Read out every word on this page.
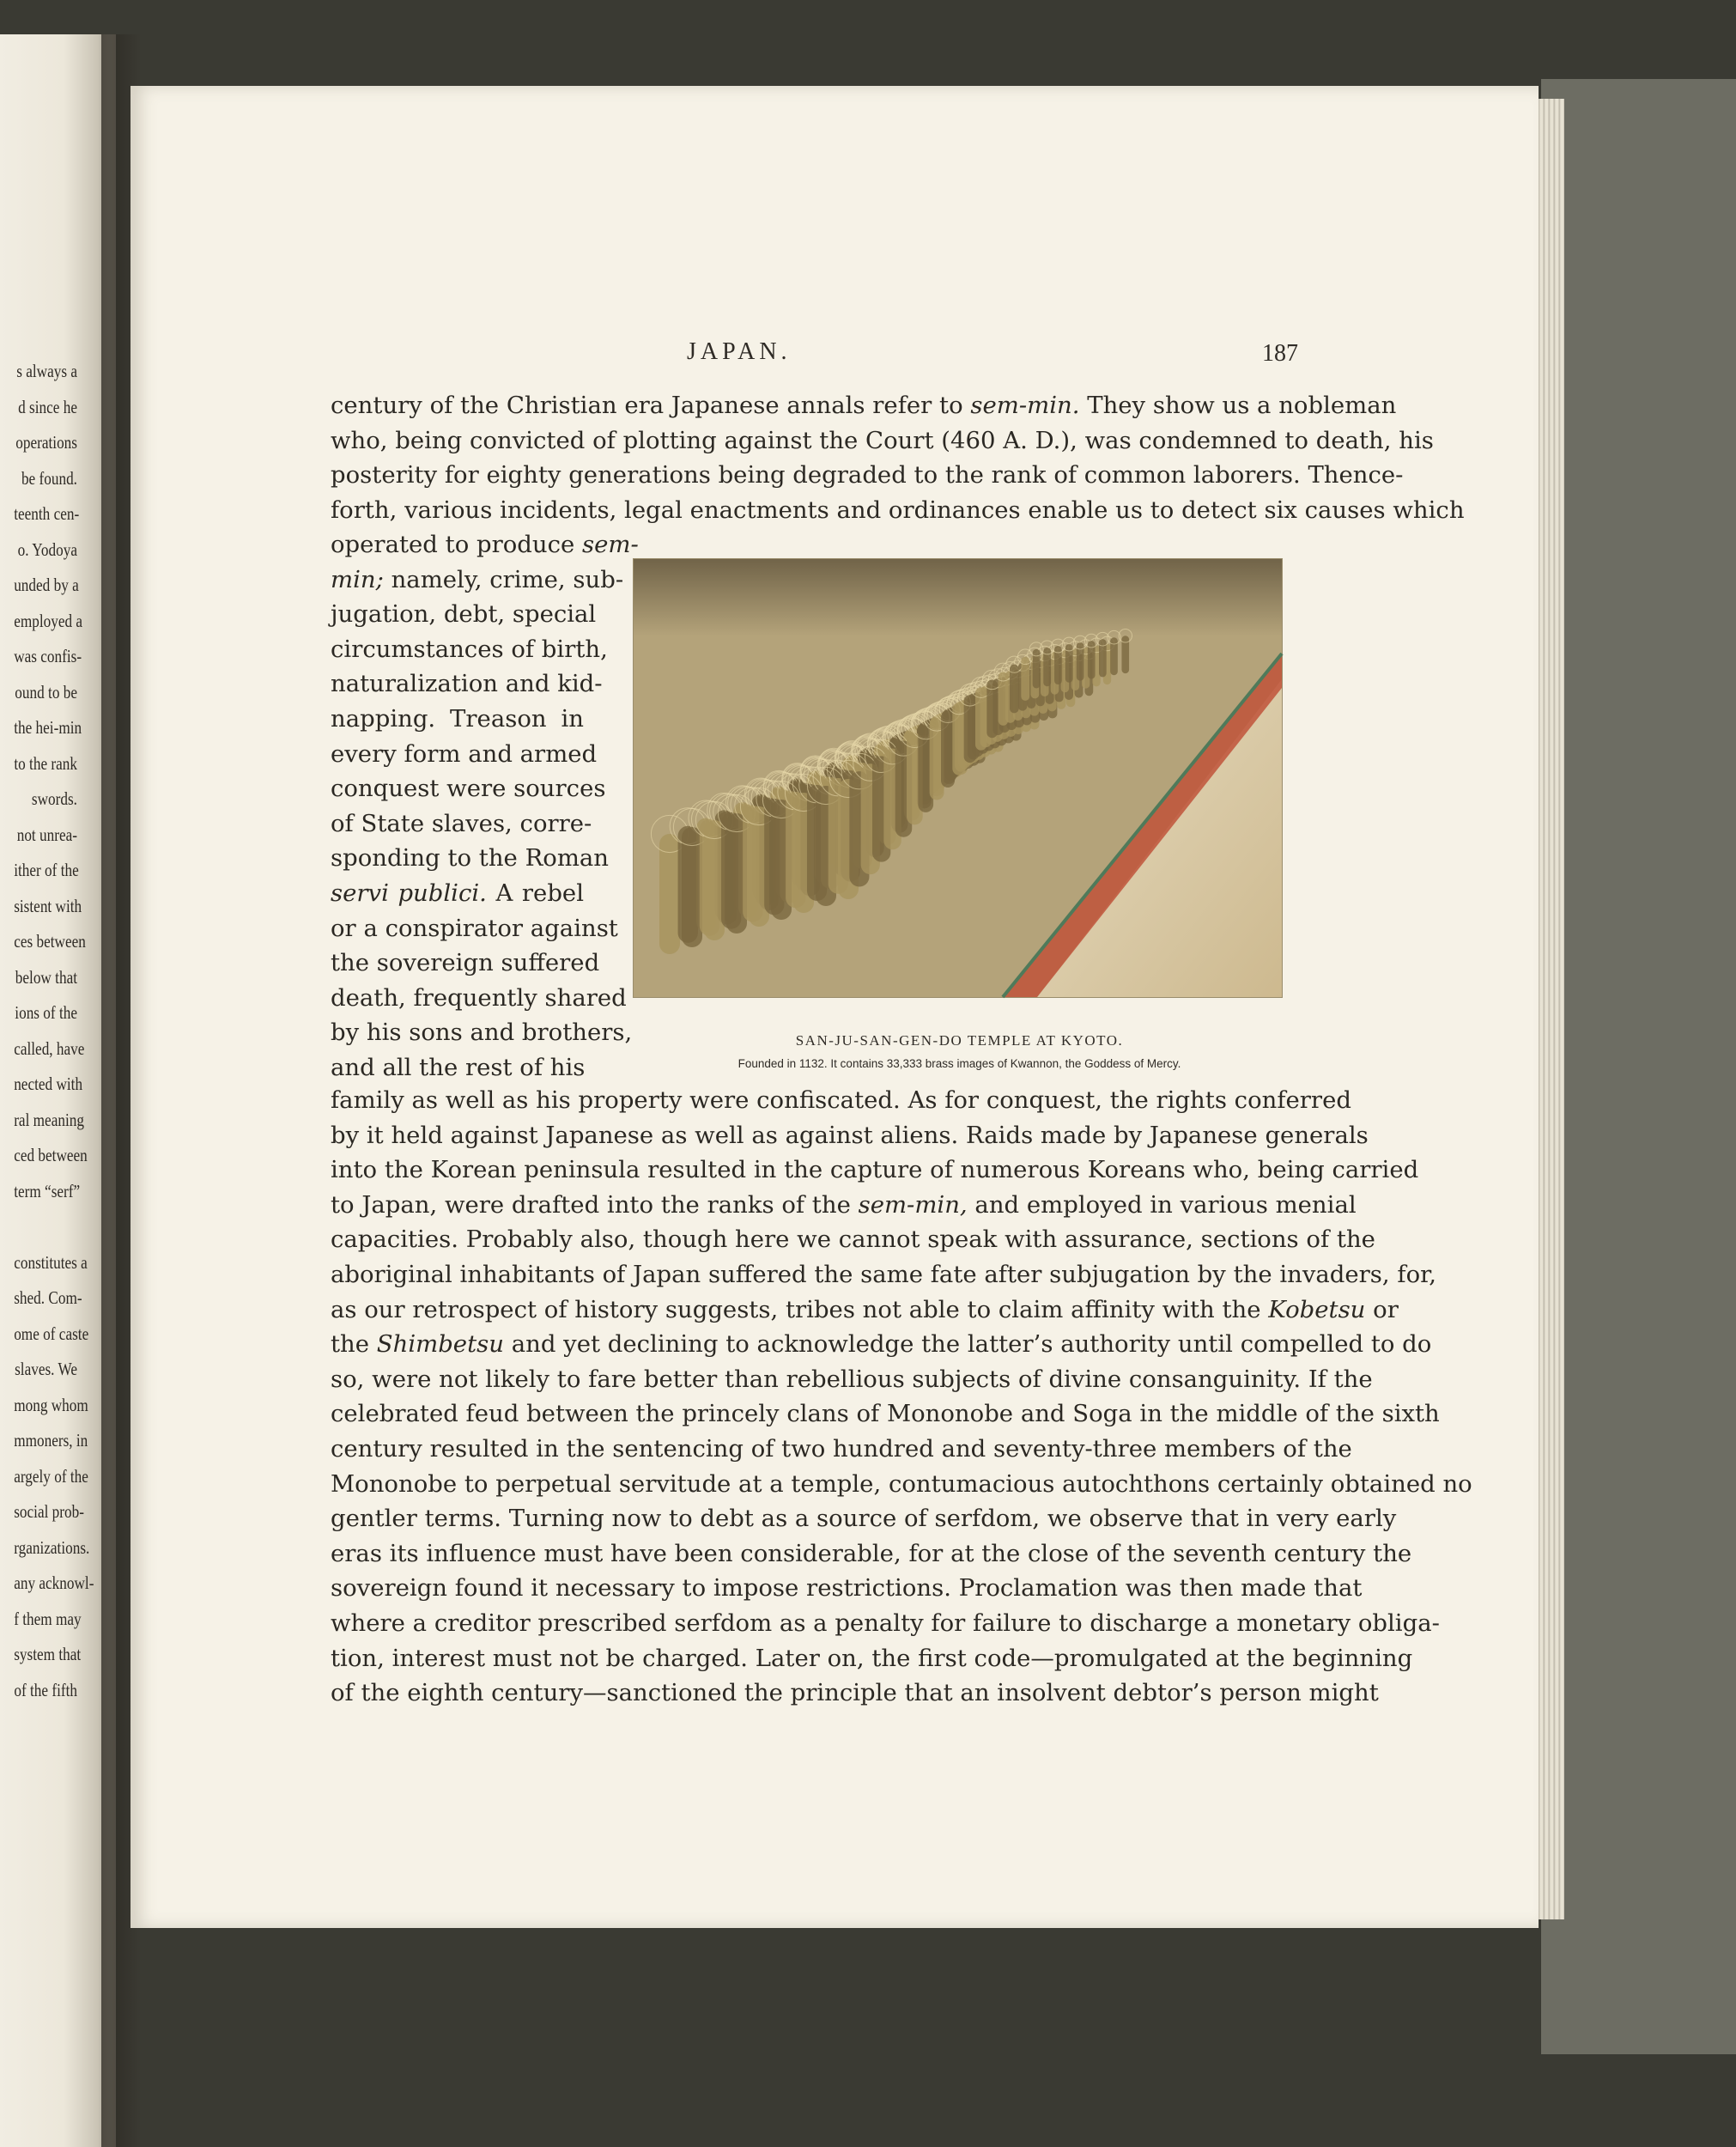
s always a
d since he
operations
be found.
teenth cen-
o. Yodoya
unded by a
employed a
was confis-
ound to be
the hei-min
to the rank
swords.
not unrea-
ither of the
sistent with
ces between
below that
ions of the
called, have
nected with
ral meaning
ced between
term “serf”
constitutes a
shed. Com-
ome of caste
slaves. We
mong whom
mmoners, in
argely of the
social prob-
rganizations.
any acknowl-
f them may
system that
of the fifth
JAPAN.	187
century of the Christian era Japanese annals refer to sem-min. They show us a nobleman
who, being convicted of plotting against the Court (460 A. D.), was condemned to death, his
posterity for eighty generations being degraded to the rank of common laborers. Thence-
forth, various incidents, legal enactments and ordinances enable us to detect six causes which
operated to produce sem-
min; namely, crime, sub-
jugation, debt, special
circumstances of birth,
naturalization and kid-
napping. Treason in
every form and armed
conquest were sources
of State slaves, corre-
sponding to the Roman
servi publici. A rebel
or a conspirator against
the sovereign suffered
death, frequently shared
by his sons and brothers,
and all the rest of his
SAN-JU-SAN-GEN-DO TEMPLE AT KYOTO.
Founded in 1132. It contains 33,333 brass images of Kwannon, the Goddess of Mercy.
family as well as his property were confiscated. As for conquest, the rights conferred
by it held against Japanese as well as against aliens. Raids made by Japanese generals
into the Korean peninsula resulted in the capture of numerous Koreans who, being carried
to Japan, were drafted into the ranks of the sem-min, and employed in various menial
capacities. Probably also, though here we cannot speak with assurance, sections of the
aboriginal inhabitants of Japan suffered the same fate after subjugation by the invaders, for,
as our retrospect of history suggests, tribes not able to claim affinity with the Kobetsu
the Shimbetsu and yet declining to acknowledge the latter’s authority until compelled to do
so, were not likely to fare better than rebellious subjects of divine consanguinity. If the
celebrated feud between the princely clans of Mononobe and Soga in the middle of the sixth
century resulted in the sentencing of two hundred and seventy-three members of the
Mononobe to perpetual servitude at a temple, contumacious autochthons certainly obtained no
gentler terms. Turning now to debt as a source of serfdom, we observe that in very early
eras its influence must have been considerable, for at the close of the seventh century the
sovereign found it necessary to impose restrictions. Proclamation was then made that
where a creditor prescribed serfdom as a penalty for failure to discharge a monetary obliga-
tion, interest must not be charged. Later on, the first code—promulgated at the beginning
of the eighth century—sanctioned the principle that an insolvent debtor’s person might
